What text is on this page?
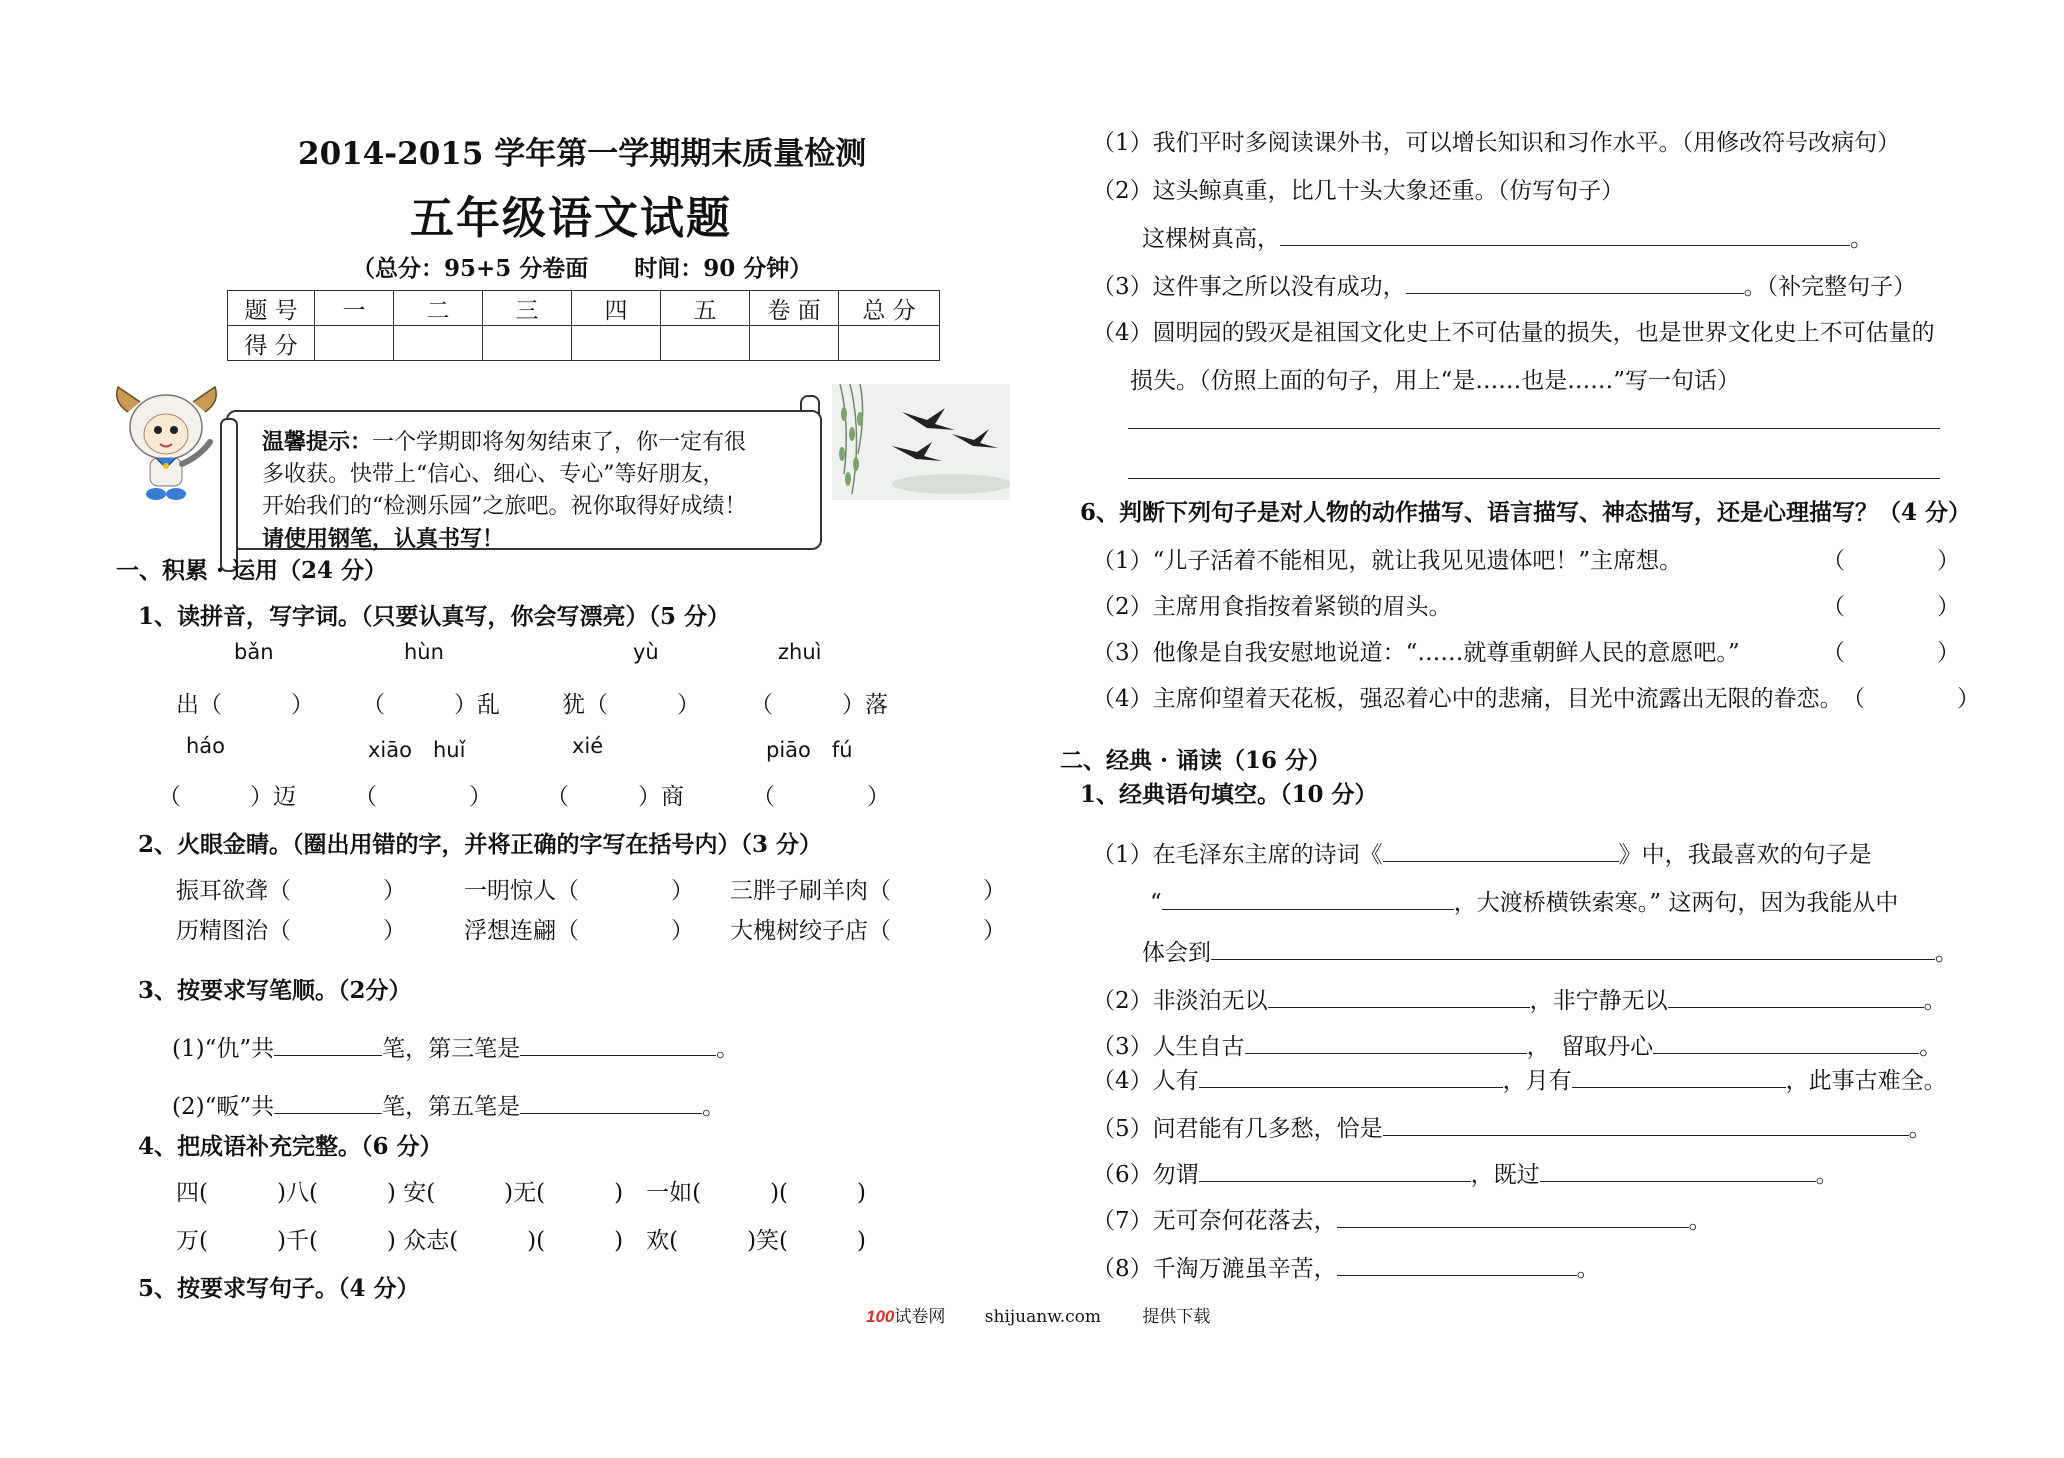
2014-2015 学年第一学期期末质量检测
五年级语文试题
（总分：95+5 分卷面　　时间：90 分钟）
题 号	一	二	三	四	五	卷 面	总 分
得 分							
温馨提示：一个学期即将匆匆结束了，你一定有很
多收获。快带上“信心、细心、专心”等好朋友，
开始我们的“检测乐园”之旅吧。祝你取得好成绩！
请使用钢笔，认真书写！
一、积累 · 运用（24 分）
1、读拼音，写字词。（只要认真写，你会写漂亮）（5 分）
bǎn	hùn	yù	zhuì
出（　　　） （　　　）乱	犹（　　　） （　　　）落
háo	xiāo　huǐ	xié	piāo　fú
（　　　）迈	（　　　　） （　　　）商	（　　　　）
2、火眼金睛。（圈出用错的字，并将正确的字写在括号内）（3 分）
振耳欲聋（　　　　）	一明惊人（　　　　） 三胖子刷羊肉（　　　　）
历精图治（　　　　）	浮想连翩（　　　　） 大槐树绞子店（　　　　）
3、按要求写笔顺。（2分）
(1)“仇”共	笔，第三笔是	。
(2)“畈”共	笔，第五笔是	。
4、把成语补充完整。（6 分）
四(　　　)八(　　　) 安(　　　)无(　　　)　一如(　　　)(　　　)
万(　　　)千(　　　) 众志(　　　)(　　　)　欢(　　　)笑(　　　)
5、按要求写句子。（4 分）
（1）我们平时多阅读课外书，可以增长知识和习作水平。（用修改符号改病句）
（2）这头鲸真重，比几十头大象还重。（仿写句子）
这棵树真高，	。
（3）这件事之所以没有成功，	。（补完整句子）
（4）圆明园的毁灭是祖国文化史上不可估量的损失，也是世界文化史上不可估量的
损失。（仿照上面的句子，用上“是……也是……”写一句话）
6、判断下列句子是对人物的动作描写、语言描写、神态描写，还是心理描写？（4 分）
（1）“儿子活着不能相见，就让我见见遗体吧！”主席想。	（　　　　）
（2）主席用食指按着紧锁的眉头。	（　　　　）
（3）他像是自我安慰地说道：“……就尊重朝鲜人民的意愿吧。”	（　　　　）
（4）主席仰望着天花板，强忍着心中的悲痛，目光中流露出无限的眷恋。 （　　　　）
二、经典 · 诵读（16 分）
1、经典语句填空。（10 分）
（1）在毛泽东主席的诗词《	》中，我最喜欢的句子是
“	，大渡桥横铁索寒。” 这两句，因为我能从中
体会到	。
（2）非淡泊无以	，非宁静无以	。
（3）人生自古	，　留取丹心	。
（4）人有	，月有	，此事古难全。
（5）问君能有几多愁，恰是	。
（6）勿谓	，既过	。
（7）无可奈何花落去，	。
（8）千淘万漉虽辛苦，	。
100试卷网 shijuanw.com 提供下载
